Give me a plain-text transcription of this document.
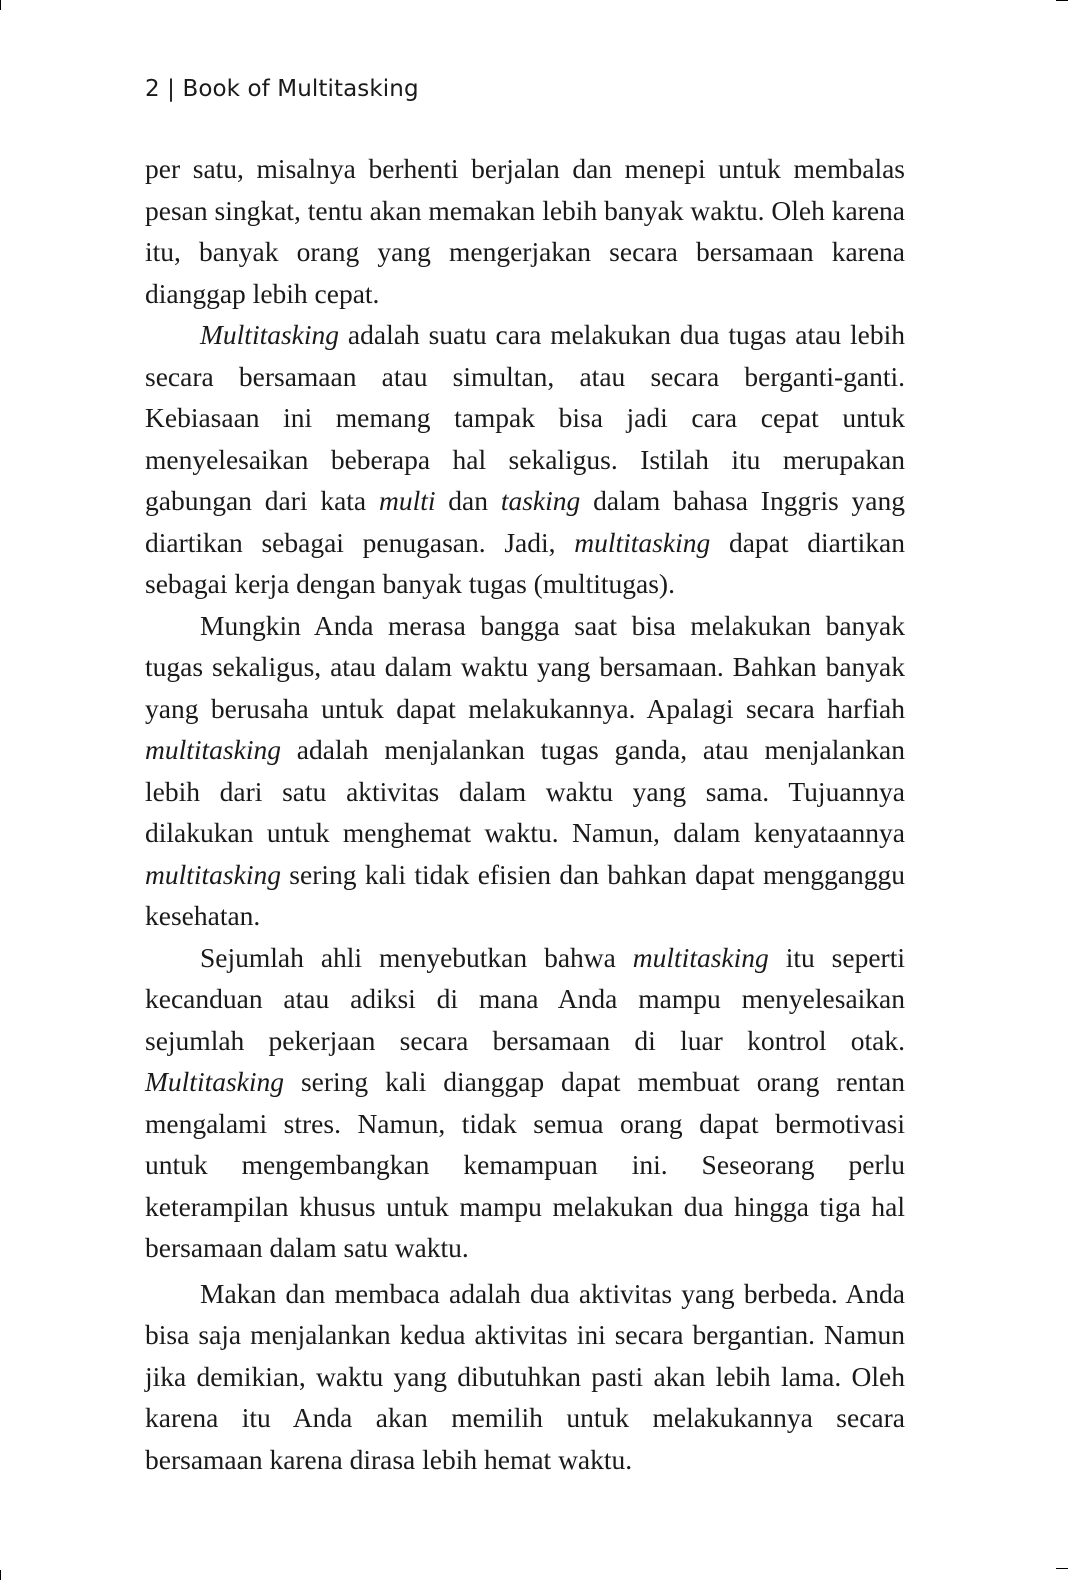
2 | Book of Multitasking

per satu, misalnya berhenti berjalan dan menepi untuk membalas pesan singkat, tentu akan memakan lebih banyak waktu. Oleh karena itu, banyak orang yang mengerjakan secara bersamaan karena dianggap lebih cepat.

Multitasking adalah suatu cara melakukan dua tugas atau lebih secara bersamaan atau simultan, atau secara berganti-ganti. Kebiasaan ini memang tampak bisa jadi cara cepat untuk menyelesaikan beberapa hal sekaligus. Istilah itu merupakan gabungan dari kata multi dan tasking dalam bahasa Inggris yang diartikan sebagai penugasan. Jadi, multitasking dapat diartikan sebagai kerja dengan banyak tugas (multitugas).

Mungkin Anda merasa bangga saat bisa melakukan banyak tugas sekaligus, atau dalam waktu yang bersamaan. Bahkan banyak yang berusaha untuk dapat melakukannya. Apalagi secara harfiah multitasking adalah menjalankan tugas ganda, atau menjalankan lebih dari satu aktivitas dalam waktu yang sama. Tujuannya dilakukan untuk menghemat waktu. Namun, dalam kenyataannya multitasking sering kali tidak efisien dan bahkan dapat mengganggu kesehatan.

Sejumlah ahli menyebutkan bahwa multitasking itu seperti kecanduan atau adiksi di mana Anda mampu menyelesaikan sejumlah pekerjaan secara bersamaan di luar kontrol otak. Multitasking sering kali dianggap dapat membuat orang rentan mengalami stres. Namun, tidak semua orang dapat bermotivasi untuk mengembangkan kemampuan ini. Seseorang perlu keterampilan khusus untuk mampu melakukan dua hingga tiga hal bersamaan dalam satu waktu.

Makan dan membaca adalah dua aktivitas yang berbeda. Anda bisa saja menjalankan kedua aktivitas ini secara bergantian. Namun jika demikian, waktu yang dibutuhkan pasti akan lebih lama. Oleh karena itu Anda akan memilih untuk melakukannya secara bersamaan karena dirasa lebih hemat waktu.
